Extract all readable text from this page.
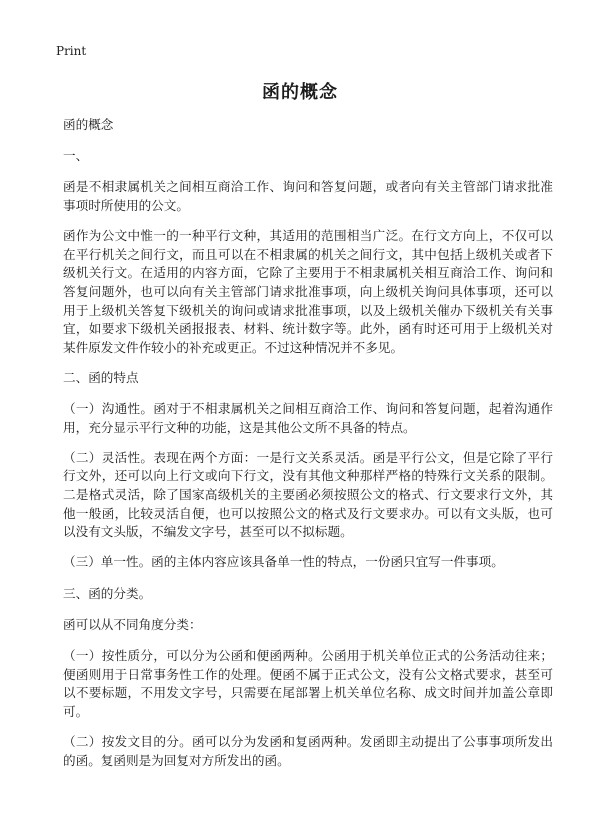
Print
函的概念

函的概念

一、

函是不相隶属机关之间相互商洽工作、询问和答复问题，或者向有关主管部门请求批准事项时所使用的公文。

函作为公文中惟一的一种平行文种，其适用的范围相当广泛。在行文方向上，不仅可以在平行机关之间行文，而且可以在不相隶属的机关之间行文，其中包括上级机关或者下级机关行文。在适用的内容方面，它除了主要用于不相隶属机关相互商洽工作、询问和答复问题外，也可以向有关主管部门请求批准事项，向上级机关询问具体事项，还可以用于上级机关答复下级机关的询问或请求批准事项，以及上级机关催办下级机关有关事宜，如要求下级机关函报报表、材料、统计数字等。此外，函有时还可用于上级机关对某件原发文件作较小的补充或更正。不过这种情况并不多见。

二、函的特点

（一）沟通性。函对于不相隶属机关之间相互商洽工作、询问和答复问题，起着沟通作用，充分显示平行文种的功能，这是其他公文所不具备的特点。

（二）灵活性。表现在两个方面：一是行文关系灵活。函是平行公文，但是它除了平行行文外，还可以向上行文或向下行文，没有其他文种那样严格的特殊行文关系的限制。二是格式灵活，除了国家高级机关的主要函必须按照公文的格式、行文要求行文外，其他一般函，比较灵活自便，也可以按照公文的格式及行文要求办。可以有文头版，也可以没有文头版，不编发文字号，甚至可以不拟标题。

（三）单一性。函的主体内容应该具备单一性的特点，一份函只宜写一件事项。

三、函的分类。

函可以从不同角度分类：

（一）按性质分，可以分为公函和便函两种。公函用于机关单位正式的公务活动往来；便函则用于日常事务性工作的处理。便函不属于正式公文，没有公文格式要求，甚至可以不要标题，不用发文字号，只需要在尾部署上机关单位名称、成文时间并加盖公章即可。

（二）按发文目的分。函可以分为发函和复函两种。发函即主动提出了公事事项所发出的函。复函则是为回复对方所发出的函。
